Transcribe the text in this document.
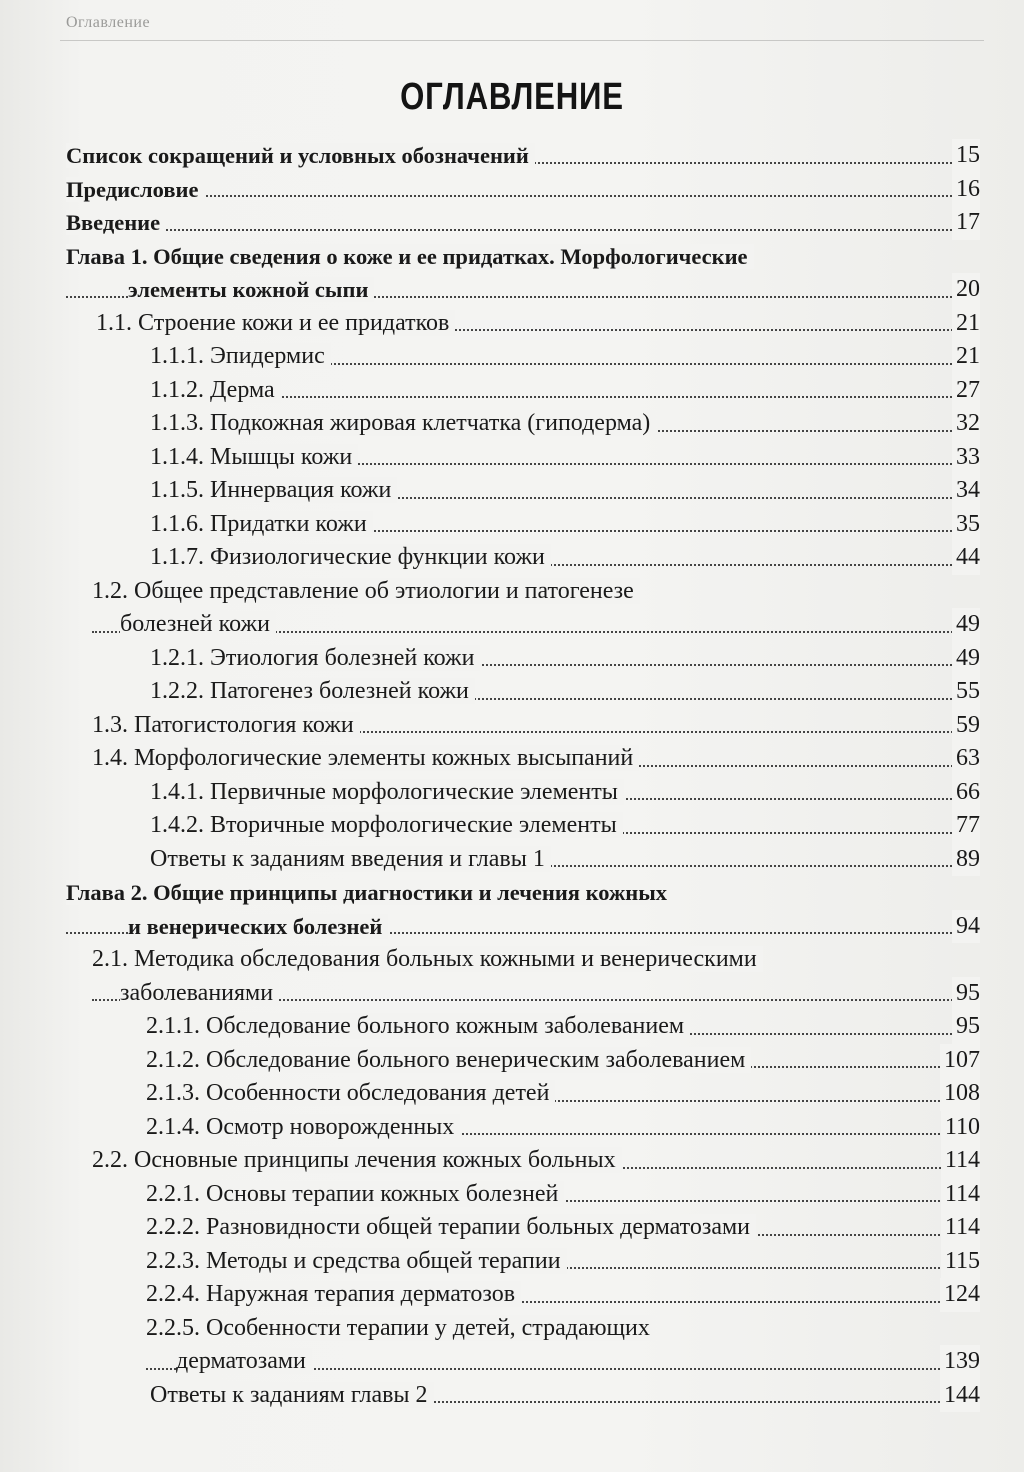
Оглавление
ОГЛАВЛЕНИЕ
Список сокращений и условных обозначений	15
Предисловие	16
Введение	17
Глава 1. Общие сведения о коже и ее придатках. Морфологические
элементы кожной сыпи	20
1.1. Строение кожи и ее придатков	21
1.1.1. Эпидермис	21
1.1.2. Дерма	27
1.1.3. Подкожная жировая клетчатка (гиподерма)	32
1.1.4. Мышцы кожи	33
1.1.5. Иннервация кожи	34
1.1.6. Придатки кожи	35
1.1.7. Физиологические функции кожи	44
1.2. Общее представление об этиологии и патогенезе
болезней кожи	49
1.2.1. Этиология болезней кожи	49
1.2.2. Патогенез болезней кожи	55
1.3. Патогистология кожи	59
1.4. Морфологические элементы кожных высыпаний	63
1.4.1. Первичные морфологические элементы	66
1.4.2. Вторичные морфологические элементы	77
Ответы к заданиям введения и главы 1	89
Глава 2. Общие принципы диагностики и лечения кожных
и венерических болезней	94
2.1. Методика обследования больных кожными и венерическими
заболеваниями	95
2.1.1. Обследование больного кожным заболеванием	95
2.1.2. Обследование больного венерическим заболеванием	107
2.1.3. Особенности обследования детей	108
2.1.4. Осмотр новорожденных	110
2.2. Основные принципы лечения кожных больных	114
2.2.1. Основы терапии кожных болезней	114
2.2.2. Разновидности общей терапии больных дерматозами	114
2.2.3. Методы и средства общей терапии	115
2.2.4. Наружная терапия дерматозов	124
2.2.5. Особенности терапии у детей, страдающих
дерматозами	139
Ответы к заданиям главы 2	144
